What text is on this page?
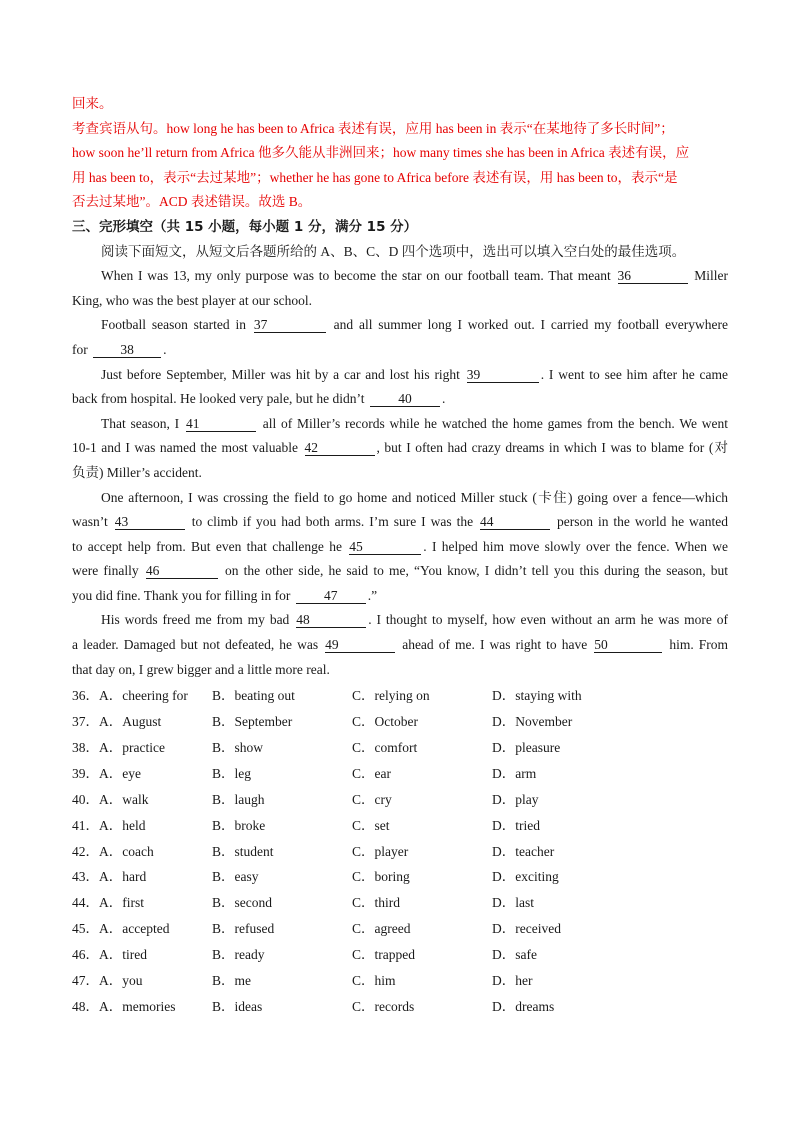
回来。
考查宾语从句。how long he has been to Africa 表述有误，应用 has been in 表示“在某地待了多长时间”；
how soon he’ll return from Africa 他多久能从非洲回来；how many times she has been in Africa 表述有误，应
用 has been to，表示“去过某地”；whether he has gone to Africa before 表述有误，用 has been to，表示“是
否去过某地”。ACD 表述错误。故选 B。
三、完形填空（共 15 小题，每小题 1 分，满分 15 分）
阅读下面短文，从短文后各题所给的 A、B、C、D 四个选项中，选出可以填入空白处的最佳选项。
When I was 13, my only purpose was to become the star on our football team. That meant 36	Miller
King, who was the best player at our school.
Football season started in 37	and all summer long I worked out. I carried my football everywhere
for 38 .
Just before September, Miller was hit by a car and lost his right 39	. I went to see him after he came
back from hospital. He looked very pale, but he didn’t 40 .
That season, I 41	all of Miller’s records while he watched the home games from the bench. We went
10-1 and I was named the most valuable 42	, but I often had crazy dreams in which I was to blame for (对
负责) Miller’s accident.
One afternoon, I was crossing the field to go home and noticed Miller stuck (卡住) going over a fence—which
wasn’t 43	to climb if you had both arms. I’m sure I was the 44	person in the world he wanted
to accept help from. But even that challenge he 45	. I helped him move slowly over the fence. When we
were finally 46	on the other side, he said to me, “You know, I didn’t tell you this during the season, but
you did fine. Thank you for filling in for 47 .”
His words freed me from my bad 48	. I thought to myself, how even without an arm he was more of
a leader. Damaged but not defeated, he was 49	ahead of me. I was right to have 50	him. From
that day on, I grew bigger and a little more real.
36．A．cheering for B．beating out	C．relying on	D．staying with
37．A．August	B．September	C．October	D．November
38．A．practice	B．show	C．comfort	D．pleasure
39．A．eye	B．leg	C．ear	D．arm
40．A．walk	B．laugh	C．cry	D．play
41．A．held	B．broke	C．set	D．tried
42．A．coach	B．student	C．player	D．teacher
43．A．hard	B．easy	C．boring	D．exciting
44．A．first	B．second	C．third	D．last
45．A．accepted	B．refused	C．agreed	D．received
46．A．tired	B．ready	C．trapped	D．safe
47．A．you	B．me	C．him	D．her
48．A．memories	B．ideas	C．records	D．dreams
